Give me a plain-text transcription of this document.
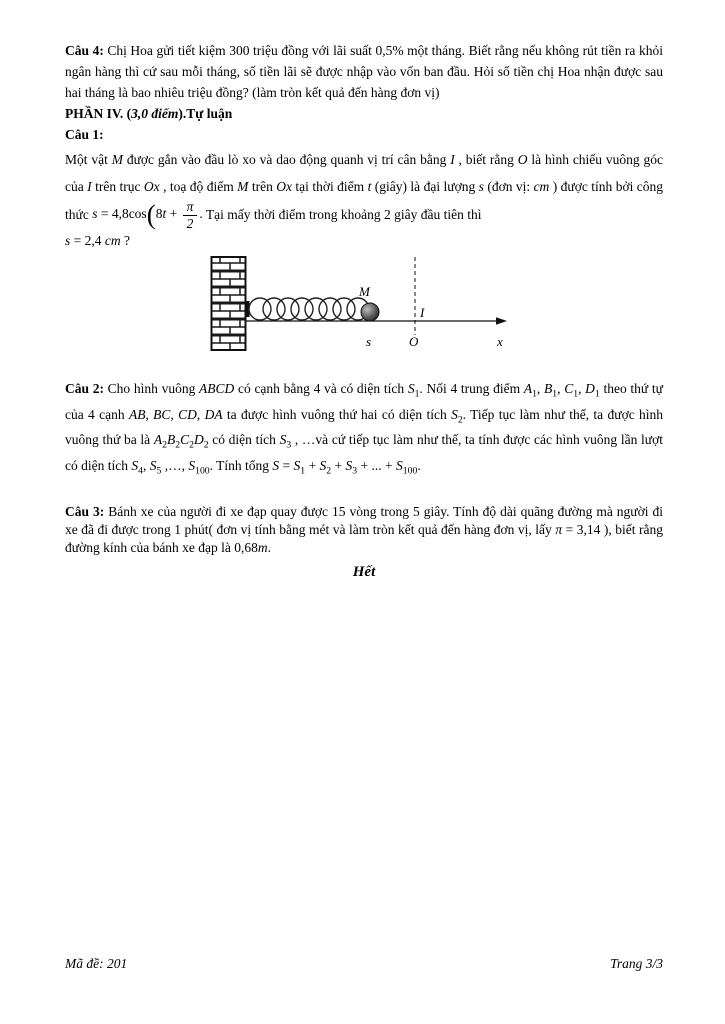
Câu 4: Chị Hoa gửi tiết kiệm 300 triệu đồng với lãi suất 0,5% một tháng. Biết rằng nếu không rút tiền ra khỏi ngân hàng thì cứ sau mỗi tháng, số tiền lãi sẽ được nhập vào vốn ban đầu. Hỏi số tiền chị Hoa nhận được sau hai tháng là bao nhiêu triệu đồng? (làm tròn kết quả đến hàng đơn vị)

PHẦN IV. (3,0 điểm).Tự luận

Câu 1:

Một vật M được gắn vào đầu lò xo và dao động quanh vị trí cân bằng I , biết rằng O là hình chiếu vuông góc của I trên trục Ox , toạ độ điểm M trên Ox tại thời điểm t (giây) là đại lượng s (đơn vị: cm ) được tính bởi công thức $s = 4,8\cos(8t + \frac{\pi}{2}$ . Tại mấy thời điểm trong khoảng 2 giây đầu tiên thì

s = 2,4 cm ?

M
I
s	O	x

Câu 2: Cho hình vuông ABCD có cạnh bằng 4 và có diện tích $S_1$. Nối 4 trung điểm $A_1$, $B_1$, $C_1$, $D_1$ theo thứ tự của 4 cạnh AB, BC, CD, DA ta được hình vuông thứ hai có diện tích $S_2$. Tiếp tục làm như thế, ta được hình vuông thứ ba là $A_2B_2C_2D_2$ có diện tích $S_3$ , …và cứ tiếp tục làm như thế, ta tính được các hình vuông lần lượt có diện tích $S_4$, $S_5$ ,…, $S_{100}$. Tính tổng $S = S_1 + S_2 + S_3$ + ... + $S_{100}$.

Câu 3: Bánh xe của người đi xe đạp quay được 15 vòng trong 5 giây. Tính độ dài quãng đường mà người đi xe đã đi được trong 1 phút( đơn vị tính bằng mét và làm tròn kết quả đến hàng đơn vị, lấy π = 3,14 ), biết rằng đường kính của bánh xe đạp là 0,68m.

Hết

Mã đề: 201	Trang 3/3
